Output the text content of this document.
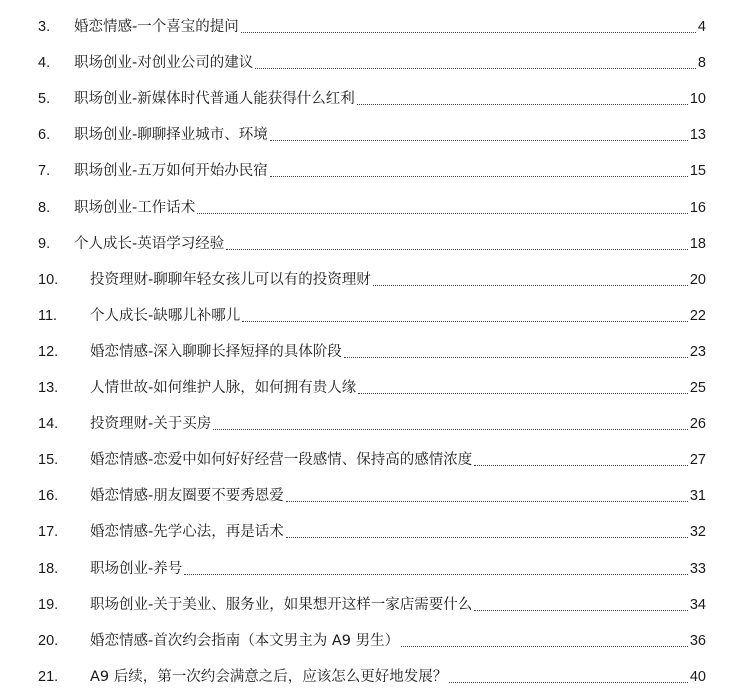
3.	婚恋情感-一个喜宝的提问	4
4.	职场创业-对创业公司的建议	8
5.	职场创业-新媒体时代普通人能获得什么红利	10
6.	职场创业-聊聊择业城市、环境	13
7.	职场创业-五万如何开始办民宿	15
8.	职场创业-工作话术	16
9.	个人成长-英语学习经验	18
10.	投资理财-聊聊年轻女孩儿可以有的投资理财	20
11.	个人成长-缺哪儿补哪儿	22
12.	婚恋情感-深入聊聊长择短择的具体阶段	23
13.	人情世故-如何维护人脉，如何拥有贵人缘	25
14.	投资理财-关于买房	26
15.	婚恋情感-恋爱中如何好好经营一段感情、保持高的感情浓度	27
16.	婚恋情感-朋友圈要不要秀恩爱	31
17.	婚恋情感-先学心法，再是话术	32
18.	职场创业-养号	33
19.	职场创业-关于美业、服务业，如果想开这样一家店需要什么	34
20.	婚恋情感-首次约会指南（本文男主为 A9 男生）	36
21.	A9 后续，第一次约会满意之后，应该怎么更好地发展？	40
